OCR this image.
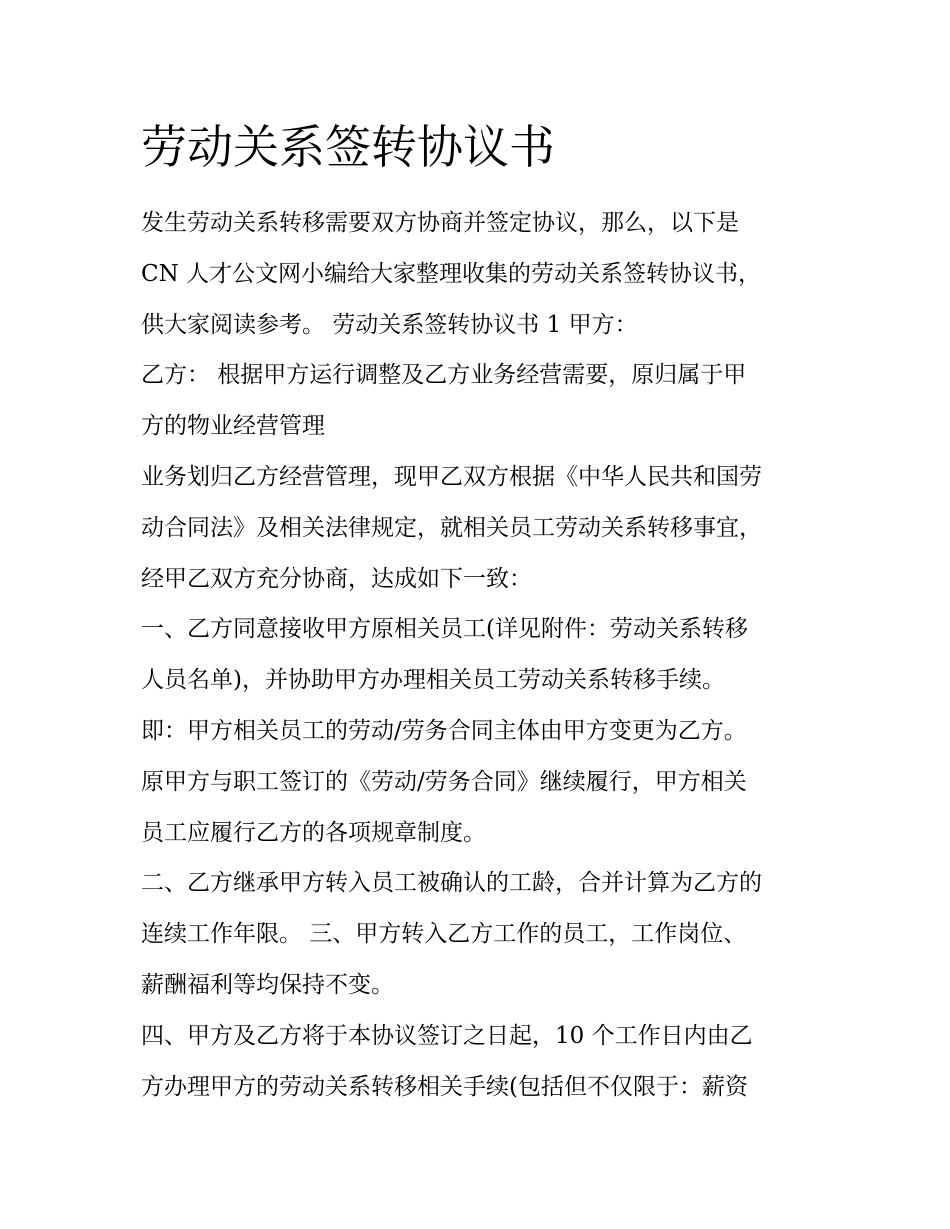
劳动关系签转协议书
发生劳动关系转移需要双方协商并签定协议，那么，以下是
CN 人才公文网小编给大家整理收集的劳动关系签转协议书，
供大家阅读参考。 劳动关系签转协议书 1 甲方：
乙方： 根据甲方运行调整及乙方业务经营需要，原归属于甲
方的物业经营管理
业务划归乙方经营管理，现甲乙双方根据《中华人民共和国劳
动合同法》及相关法律规定，就相关员工劳动关系转移事宜，
经甲乙双方充分协商，达成如下一致：
一、乙方同意接收甲方原相关员工(详见附件：劳动关系转移
人员名单)，并协助甲方办理相关员工劳动关系转移手续。
即：甲方相关员工的劳动/劳务合同主体由甲方变更为乙方。
原甲方与职工签订的《劳动/劳务合同》继续履行，甲方相关
员工应履行乙方的各项规章制度。
二、乙方继承甲方转入员工被确认的工龄，合并计算为乙方的
连续工作年限。 三、甲方转入乙方工作的员工，工作岗位、
薪酬福利等均保持不变。
四、甲方及乙方将于本协议签订之日起，10 个工作日内由乙
方办理甲方的劳动关系转移相关手续(包括但不仅限于：薪资
